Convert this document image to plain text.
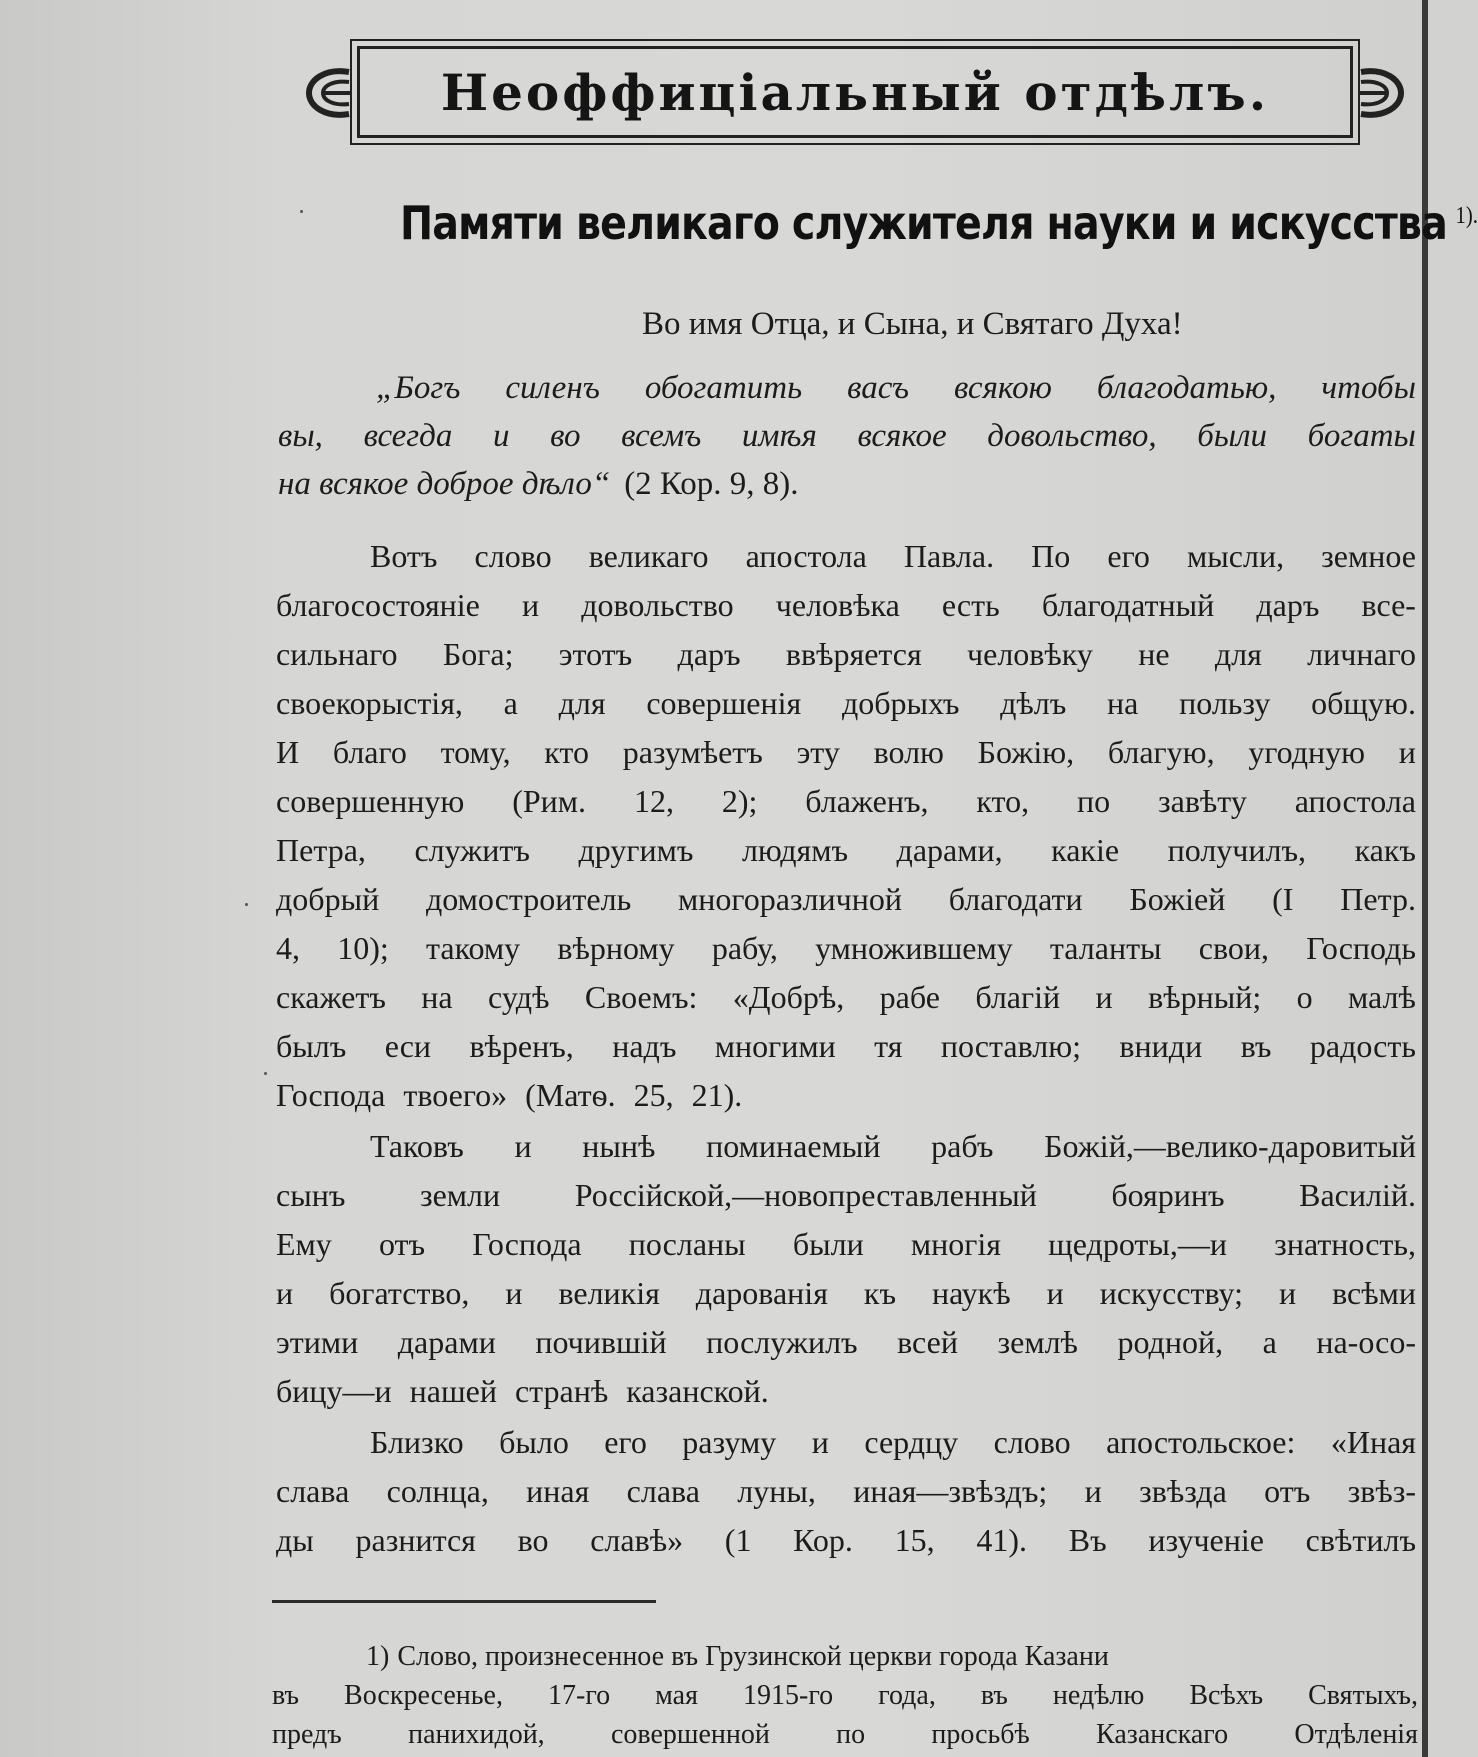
Неоффиціальный отдѣлъ.
Памяти великаго служителя науки и искусства $^{1).}$
Во имя Отца, и Сына, и Святаго Духа!
„Богъ силенъ обогатить васъ всякою благодатью, чтобы
вы, всегда и во всемъ имѣя всякое довольство, были богаты
на всякое доброе дѣло“ (2 Кор. 9, 8).
Вотъ слово великаго апостола Павла. По его мысли, земное
благосостояніе и довольство человѣка есть благодатный даръ все-
сильнаго Бога; этотъ даръ ввѣряется человѣку не для личнаго
своекорыстія, а для совершенія добрыхъ дѣлъ на пользу общую.
И благо тому, кто разумѣетъ эту волю Божію, благую, угодную и
совершенную (Рим. 12, 2); блаженъ, кто, по завѣту апостола
Петра, служитъ другимъ людямъ дарами, какіе получилъ, какъ
добрый домостроитель многоразличной благодати Божіей (I Петр.
4, 10); такому вѣрному рабу, умножившему таланты свои, Господь
скажетъ на судѣ Своемъ: «Добрѣ, рабе благій и вѣрный; о малѣ
былъ еси вѣренъ, надъ многими тя поставлю; вниди въ радость
Господа твоего» (Матѳ. 25, 21).
Таковъ и нынѣ поминаемый рабъ Божій,—велико-даровитый
сынъ земли Россійской,—новопреставленный бояринъ Василій.
Ему отъ Господа посланы были многія щедроты,—и знатность,
и богатство, и великія дарованія къ наукѣ и искусству; и всѣми
этими дарами почившій послужилъ всей землѣ родной, а на-осо-
бицу—и нашей странѣ казанской.
Близко было его разуму и сердцу слово апостольское: «Иная
слава солнца, иная слава луны, иная—звѣздъ; и звѣзда отъ звѣз-
ды разнится во славѣ» (1 Кор. 15, 41). Въ изученіе свѣтилъ
1) Слово, произнесенное въ Грузинской церкви города Казани
въ Воскресенье, 17-го мая 1915-го года, въ недѣлю Всѣхъ Святыхъ,
предъ панихидой, совершенной по просьбѣ Казанскаго Отдѣленія
